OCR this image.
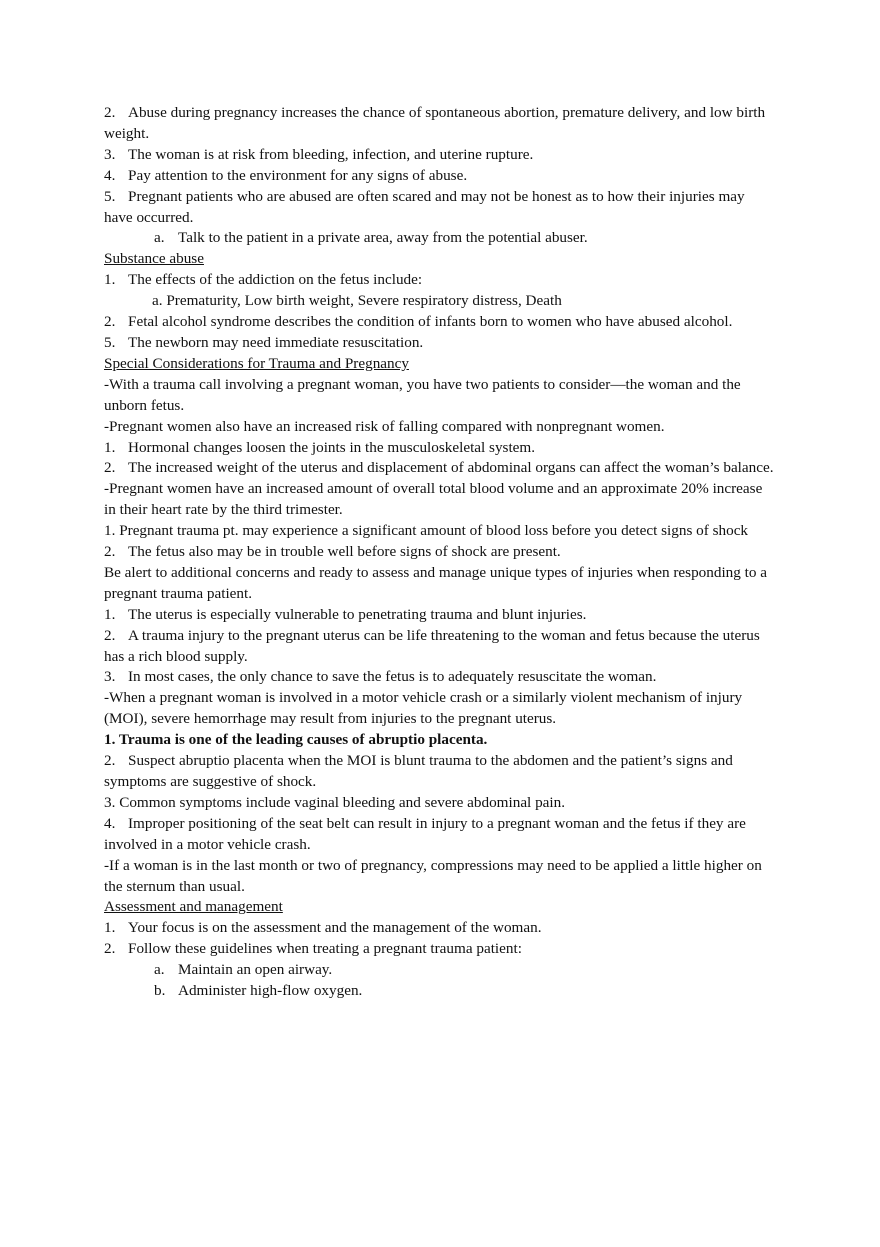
2. Abuse during pregnancy increases the chance of spontaneous abortion, premature delivery, and low birth weight.

3. The woman is at risk from bleeding, infection, and uterine rupture.

4. Pay attention to the environment for any signs of abuse.

5. Pregnant patients who are abused are often scared and may not be honest as to how their injuries may have occurred.

a. Talk to the patient in a private area, away from the potential abuser.

Substance abuse

1. The effects of the addiction on the fetus include:

a. Prematurity, Low birth weight, Severe respiratory distress, Death

2. Fetal alcohol syndrome describes the condition of infants born to women who have abused alcohol.

5. The newborn may need immediate resuscitation.

Special Considerations for Trauma and Pregnancy

-With a trauma call involving a pregnant woman, you have two patients to consider—the woman and the unborn fetus.

-Pregnant women also have an increased risk of falling compared with nonpregnant women.

1. Hormonal changes loosen the joints in the musculoskeletal system.

2. The increased weight of the uterus and displacement of abdominal organs can affect the woman’s balance.

-Pregnant women have an increased amount of overall total blood volume and an approximate 20% increase in their heart rate by the third trimester.

1. Pregnant trauma pt. may experience a significant amount of blood loss before you detect signs of shock

2. The fetus also may be in trouble well before signs of shock are present.

Be alert to additional concerns and ready to assess and manage unique types of injuries when responding to a pregnant trauma patient.

1. The uterus is especially vulnerable to penetrating trauma and blunt injuries.

2. A trauma injury to the pregnant uterus can be life threatening to the woman and fetus because the uterus has a rich blood supply.

3. In most cases, the only chance to save the fetus is to adequately resuscitate the woman.

-When a pregnant woman is involved in a motor vehicle crash or a similarly violent mechanism of injury (MOI), severe hemorrhage may result from injuries to the pregnant uterus.

1. Trauma is one of the leading causes of abruptio placenta.

2. Suspect abruptio placenta when the MOI is blunt trauma to the abdomen and the patient’s signs and symptoms are suggestive of shock.

3. Common symptoms include vaginal bleeding and severe abdominal pain.

4. Improper positioning of the seat belt can result in injury to a pregnant woman and the fetus if they are involved in a motor vehicle crash.

-If a woman is in the last month or two of pregnancy, compressions may need to be applied a little higher on the sternum than usual.

Assessment and management

1. Your focus is on the assessment and the management of the woman.

2. Follow these guidelines when treating a pregnant trauma patient:

a. Maintain an open airway.

b. Administer high-flow oxygen.
